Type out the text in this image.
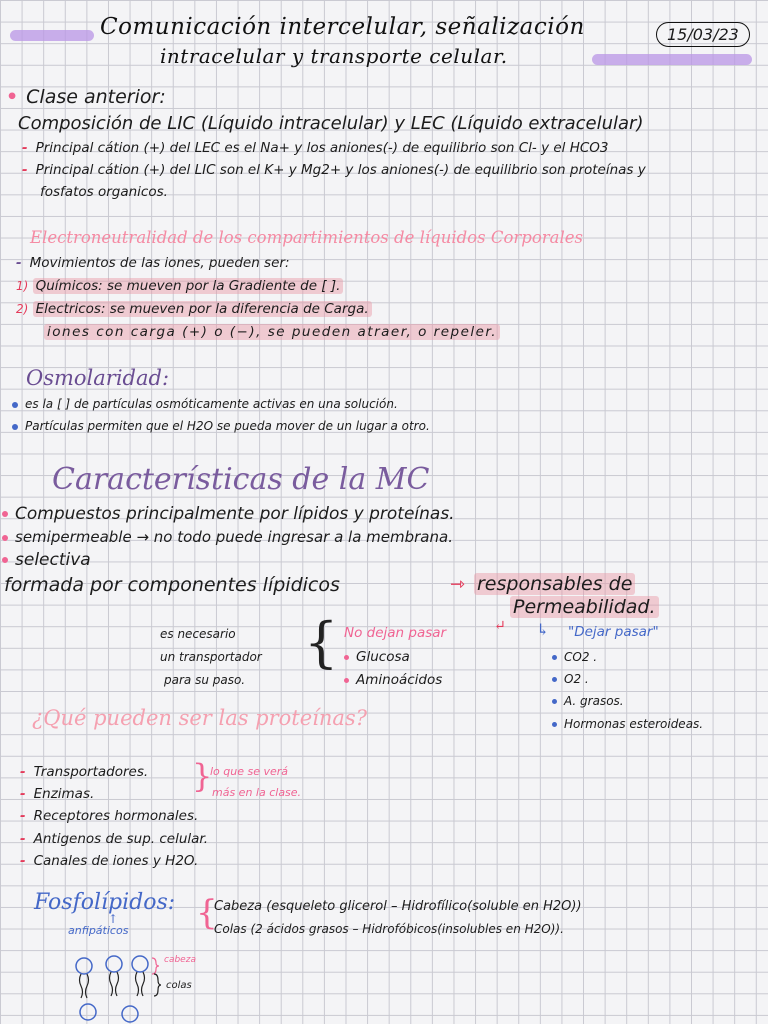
Comunicación intercelular, señalización
intracelular y transporte celular.
15/03/23
• Clase anterior:
Composición de LIC (Líquido intracelular) y LEC (Líquido extracelular)
- Principal cátion (+) del LEC es el Na+ y los aniones(-) de equilibrio son Cl- y el HCO3
- Principal cátion (+) del LIC son el K+ y Mg2+ y los aniones(-) de equilibrio son proteínas y
fosfatos organicos.
Electroneutralidad de los compartimientos de líquidos Corporales
- Movimientos de las iones, pueden ser:
1) Químicos: se mueven por la Gradiente de [ ].
2) Electricos: se mueven por la diferencia de Carga.
iones con carga (+) o (−), se pueden atraer, o repeler.
Osmolaridad:
es la [ ] de partículas osmóticamente activas en una solución.
Partículas permiten que el H2O se pueda mover de un lugar a otro.
Características de la MC
Compuestos principalmente por lípidos y proteínas.
semipermeable → no todo puede ingresar a la membrana.
selectiva
formada por componentes lípidicos	⇾ responsables de
Permeabilidad.
es necesario
un transportador
para su paso.
{ No dejan pasar	↵
Glucosa
Aminoácidos
↳ "Dejar pasar"
CO2 .
O2 .
A. grasos.
Hormonas esteroideas.
¿Qué pueden ser las proteínas?
- Transportadores.
- Enzimas.
- Receptores hormonales.
- Antigenos de sup. celular.
- Canales de iones y H2O.
}
lo que se verá
más en la clase.
Fosfolípidos:
↑
anfipáticos {
Cabeza (esqueleto glicerol – Hidrofílico(soluble en H2O))
Colas (2 ácidos grasos – Hidrofóbicos(insolubles en H2O)).
cabeza
colas
